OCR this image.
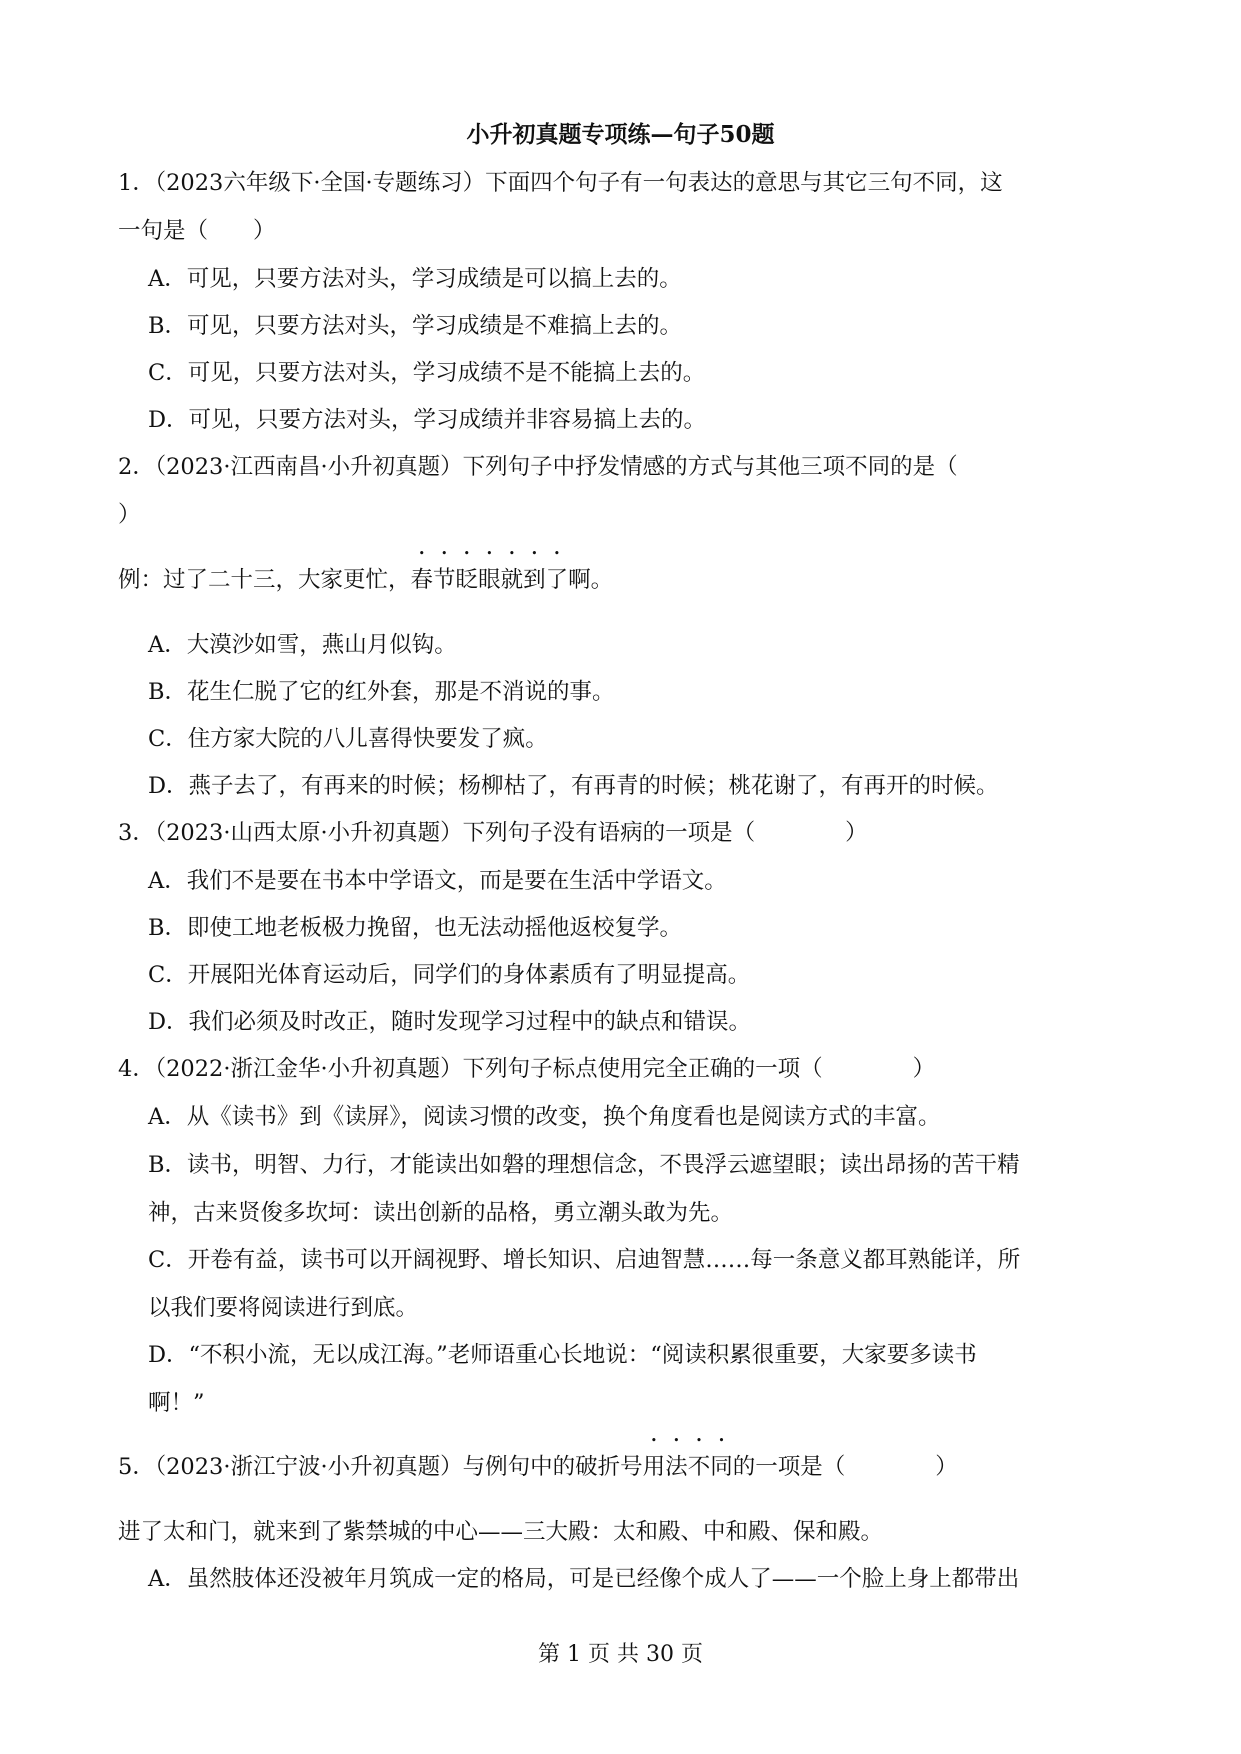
小升初真题专项练—句子50题
1．（2023六年级下·全国·专题练习）下面四个句子有一句表达的意思与其它三句不同，这
一句是（　　）
A．可见，只要方法对头，学习成绩是可以搞上去的。
B．可见，只要方法对头，学习成绩是不难搞上去的。
C．可见，只要方法对头，学习成绩不是不能搞上去的。
D．可见，只要方法对头，学习成绩并非容易搞上去的。
2．（2023·江西南昌·小升初真题）下列句子中抒发情感的方式与其他三项不同的是（
）
例：过了二十三，大家更忙，春节眨眼就到了啊。
A．大漠沙如雪，燕山月似钩。
B．花生仁脱了它的红外套，那是不消说的事。
C．住方家大院的八儿喜得快要发了疯。
D．燕子去了，有再来的时候；杨柳枯了，有再青的时候；桃花谢了，有再开的时候。
3．（2023·山西太原·小升初真题）下列句子没有语病的一项是（　　　　）
A．我们不是要在书本中学语文，而是要在生活中学语文。
B．即使工地老板极力挽留，也无法动摇他返校复学。
C．开展阳光体育运动后，同学们的身体素质有了明显提高。
D．我们必须及时改正，随时发现学习过程中的缺点和错误。
4．（2022·浙江金华·小升初真题）下列句子标点使用完全正确的一项（　　　　）
A．从《读书》到《读屏》，阅读习惯的改变，换个角度看也是阅读方式的丰富。
B．读书，明智、力行，才能读出如磐的理想信念，不畏浮云遮望眼；读出昂扬的苦干精
神，古来贤俊多坎坷：读出创新的品格，勇立潮头敢为先。
C．开卷有益，读书可以开阔视野、增长知识、启迪智慧……每一条意义都耳熟能详，所
以我们要将阅读进行到底。
D．“不积小流，无以成江海。”老师语重心长地说：“阅读积累很重要，大家要多读书
啊！”
5．（2023·浙江宁波·小升初真题）与例句中的破折号用法不同的一项是（　　　　）
进了太和门，就来到了紫禁城的中心——三大殿：太和殿、中和殿、保和殿。
A．虽然肢体还没被年月筑成一定的格局，可是已经像个成人了——一个脸上身上都带出
第 1 页 共 30 页
